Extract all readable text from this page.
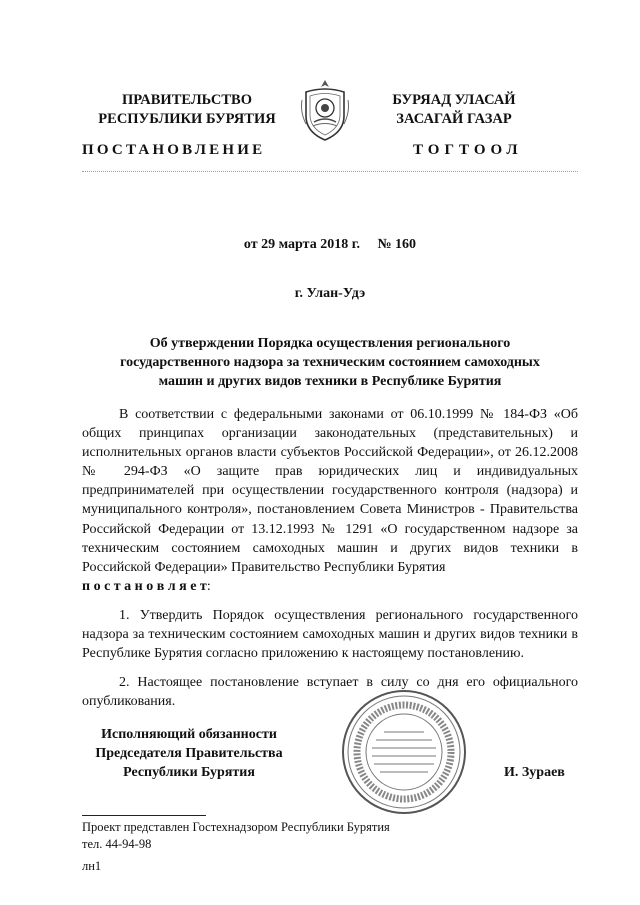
ПРАВИТЕЛЬСТВО
РЕСПУБЛИКИ БУРЯТИЯ
БУРЯАД УЛАСАЙ
ЗАСАГАЙ ГАЗАР
ПОСТАНОВЛЕНИЕ	ТОГТООЛ
от 29 марта 2018 г.     № 160
г. Улан-Удэ
Об утверждении Порядка осуществления регионального
государственного надзора за техническим состоянием самоходных
машин и других видов техники в Республике Бурятия
В соответствии с федеральными законами от 06.10.1999 № 184-ФЗ «Об общих принципах организации законодательных (представительных) и исполнительных органов власти субъектов Российской Федерации», от 26.12.2008 № 294-ФЗ «О защите прав юридических лиц и индивидуальных предпринимателей при осуществлении государственного контроля (надзора) и муниципального контроля», постановлением Совета Министров - Правительства Российской Федерации от 13.12.1993 № 1291 «О государственном надзоре за техническим состоянием самоходных машин и других видов техники в Российской Федерации» Правительство Республики Бурятия
п о с т а н о в л я е т:
1. Утвердить Порядок осуществления регионального государственного надзора за техническим состоянием самоходных машин и других видов техники в Республике Бурятия согласно приложению к настоящему постановлению.
2. Настоящее постановление вступает в силу со дня его официального опубликования.
Исполняющий обязанности
Председателя Правительства
Республики Бурятия	И. Зураев
Проект представлен Гостехнадзором Республики Бурятия
тел. 44-94-98
лн1
